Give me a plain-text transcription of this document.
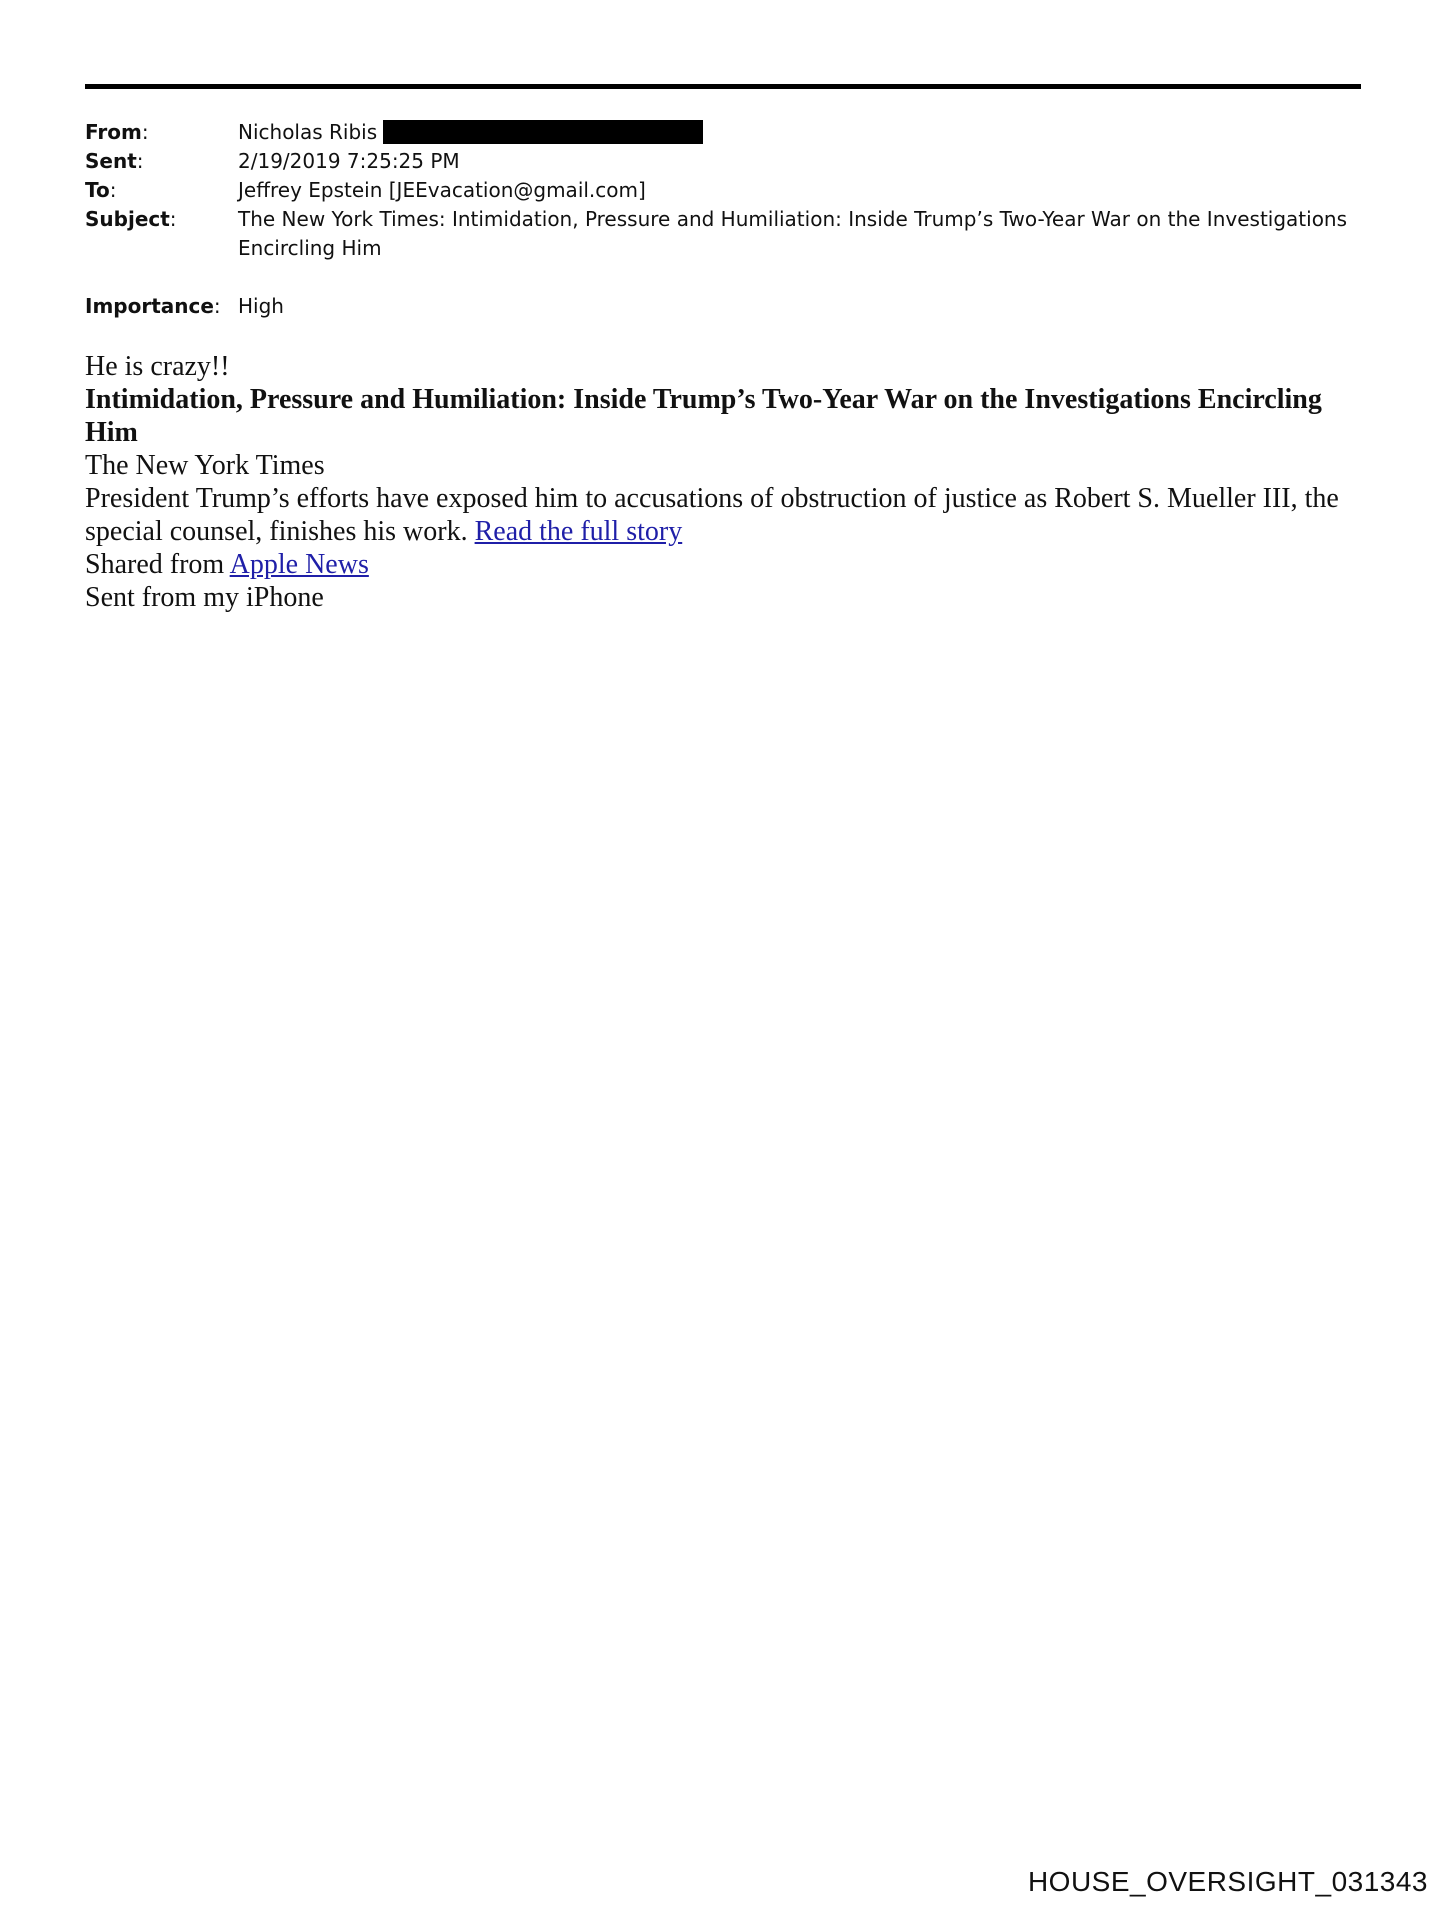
From:	Nicholas Ribis
Sent:	2/19/2019 7:25:25 PM
To:	Jeffrey Epstein [JEEvacation@gmail.com]
Subject:	The New York Times: Intimidation, Pressure and Humiliation: Inside Trump’s Two-Year War on the Investigations Encircling Him
Importance: High

He is crazy!!

Intimidation, Pressure and Humiliation: Inside Trump’s Two-Year War on the Investigations Encircling Him

The New York Times

President Trump’s efforts have exposed him to accusations of obstruction of justice as Robert S. Mueller III, the special counsel, finishes his work. Read the full story

Shared from Apple News

Sent from my iPhone

HOUSE_OVERSIGHT_031343
